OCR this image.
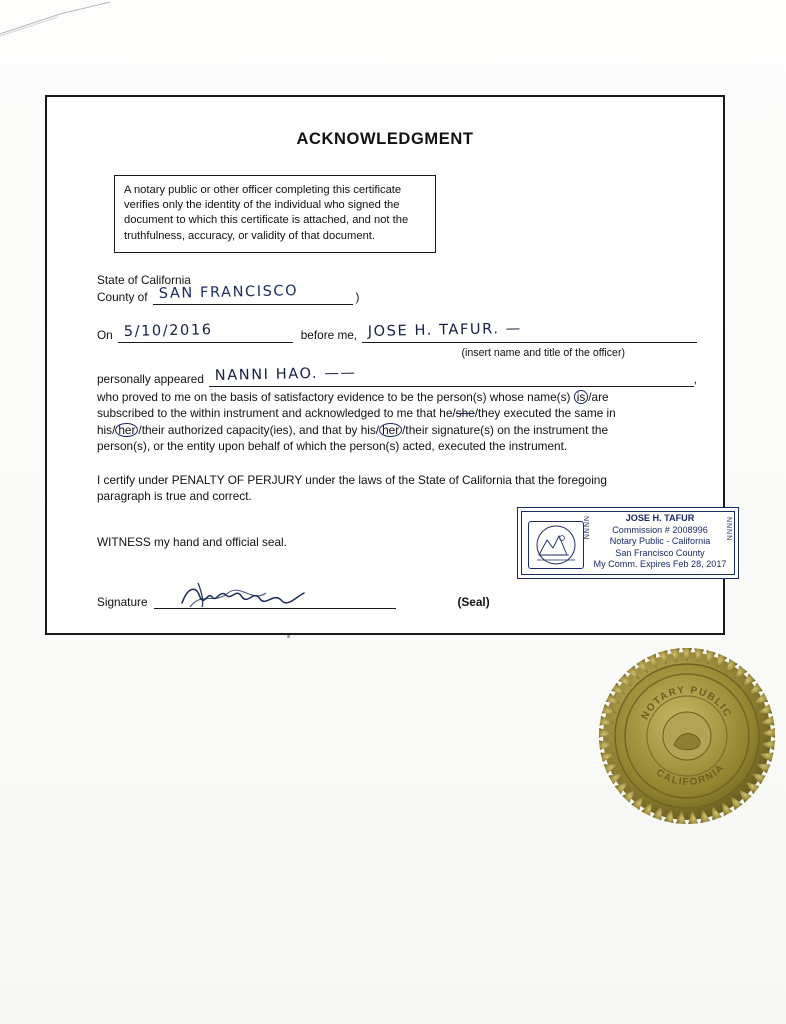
ACKNOWLEDGMENT
A notary public or other officer completing this certificate verifies only the identity of the individual who signed the document to which this certificate is attached, and not the truthfulness, accuracy, or validity of that document.
State of California
County of SAN FRANCISCO	)
On 5/10/2016	before me, JOSE H. TAFUR. —
(insert name and title of the officer)
personally appeared NANNI HAO. ——	,
who proved to me on the basis of satisfactory evidence to be the person(s) whose name(s) is /are
subscribed to the within instrument and acknowledged to me that he/she/they executed the same in
his/ her /their authorized capacity(ies), and that by his/ her /their signature(s) on the instrument the
person(s), or the entity upon behalf of which the person(s) acted, executed the instrument.
I certify under PENALTY OF PERJURY under the laws of the State of California that the foregoing
paragraph is true and correct.
WITNESS my hand and official seal.
NNNN	NNNN
JOSE H. TAFUR
Commission # 2008996
Notary Public - California
San Francisco County
My Comm. Expires Feb 28, 2017
Signature	(Seal)
NOTARY PUBLIC
CALIFORNIA
